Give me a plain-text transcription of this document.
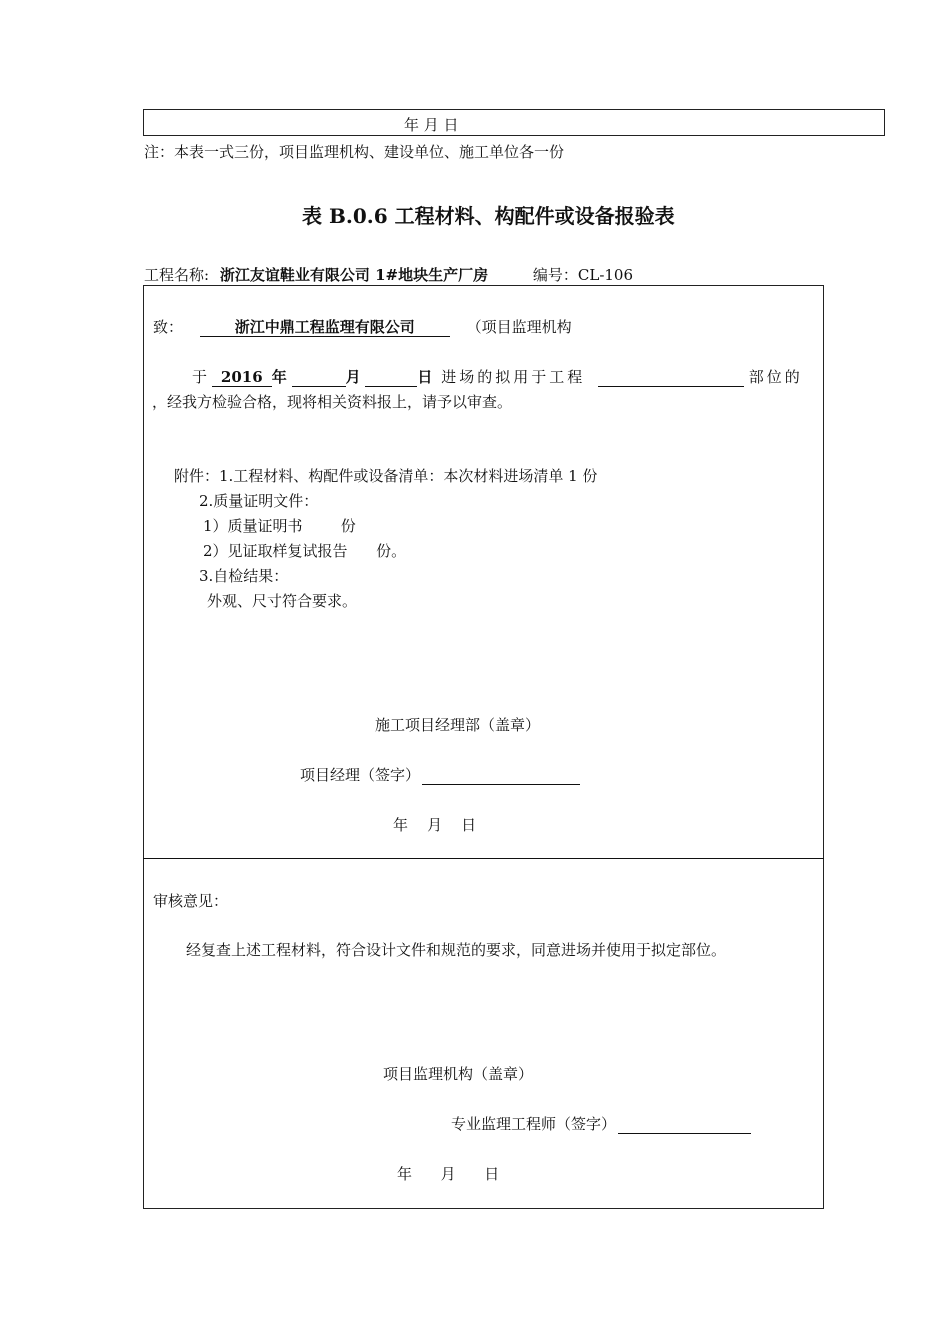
年 月 日
注：本表一式三份，项目监理机构、建设单位、施工单位各一份
表 B.0.6 工程材料、构配件或设备报验表
工程名称: 浙江友谊鞋业有限公司 1#地块生产厂房	编号：CL-106
致：	浙江中鼎工程监理有限公司	（项目监理机构
于 2016 年	月	日 进场的拟用于工程	部位的
，经我方检验合格，现将相关资料报上，请予以审查。
附件：1.工程材料、构配件或设备清单：本次材料进场清单 1 份
2.质量证明文件：
1）质量证明书        份
2）见证取样复试报告      份。
3.自检结果：
外观、尺寸符合要求。
施工项目经理部（盖章）
项目经理（签字）
年    月    日
审核意见：
经复查上述工程材料，符合设计文件和规范的要求，同意进场并使用于拟定部位。
项目监理机构（盖章）
专业监理工程师（签字）
年      月      日
